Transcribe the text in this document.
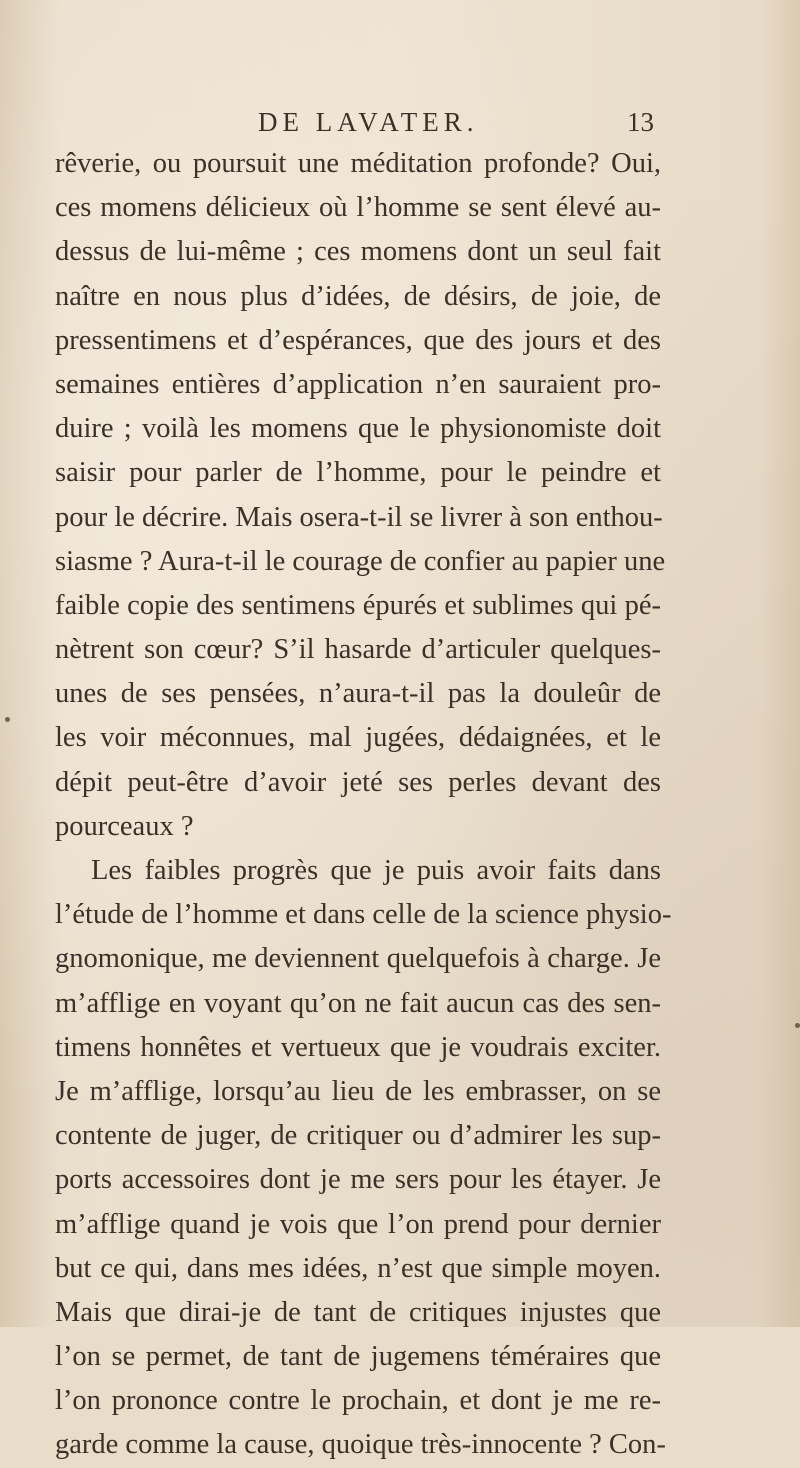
DE LAVATER.	13
rêverie, ou poursuit une méditation profonde? Oui,
ces momens délicieux où l’homme se sent élevé au-
dessus de lui-même ; ces momens dont un seul fait
naître en nous plus d’idées, de désirs, de joie, de
pressentimens et d’espérances, que des jours et des
semaines entières d’application n’en sauraient pro-
duire ; voilà les momens que le physionomiste doit
saisir pour parler de l’homme, pour le peindre et
pour le décrire. Mais osera-t-il se livrer à son enthou-
siasme ? Aura-t-il le courage de confier au papier une
faible copie des sentimens épurés et sublimes qui pé-
nètrent son cœur? S’il hasarde d’articuler quelques-
unes de ses pensées, n’aura-t-il pas la douleûr de
les voir méconnues, mal jugées, dédaignées, et le
dépit peut-être d’avoir jeté ses perles devant des
pourceaux ?
Les faibles progrès que je puis avoir faits dans
l’étude de l’homme et dans celle de la science physio-
gnomonique, me deviennent quelquefois à charge. Je
m’afflige en voyant qu’on ne fait aucun cas des sen-
timens honnêtes et vertueux que je voudrais exciter.
Je m’afflige, lorsqu’au lieu de les embrasser, on se
contente de juger, de critiquer ou d’admirer les sup-
ports accessoires dont je me sers pour les étayer. Je
m’afflige quand je vois que l’on prend pour dernier
but ce qui, dans mes idées, n’est que simple moyen.
Mais que dirai-je de tant de critiques injustes que
l’on se permet, de tant de jugemens téméraires que
l’on prononce contre le prochain, et dont je me re-
garde comme la cause, quoique très-innocente ? Con-
